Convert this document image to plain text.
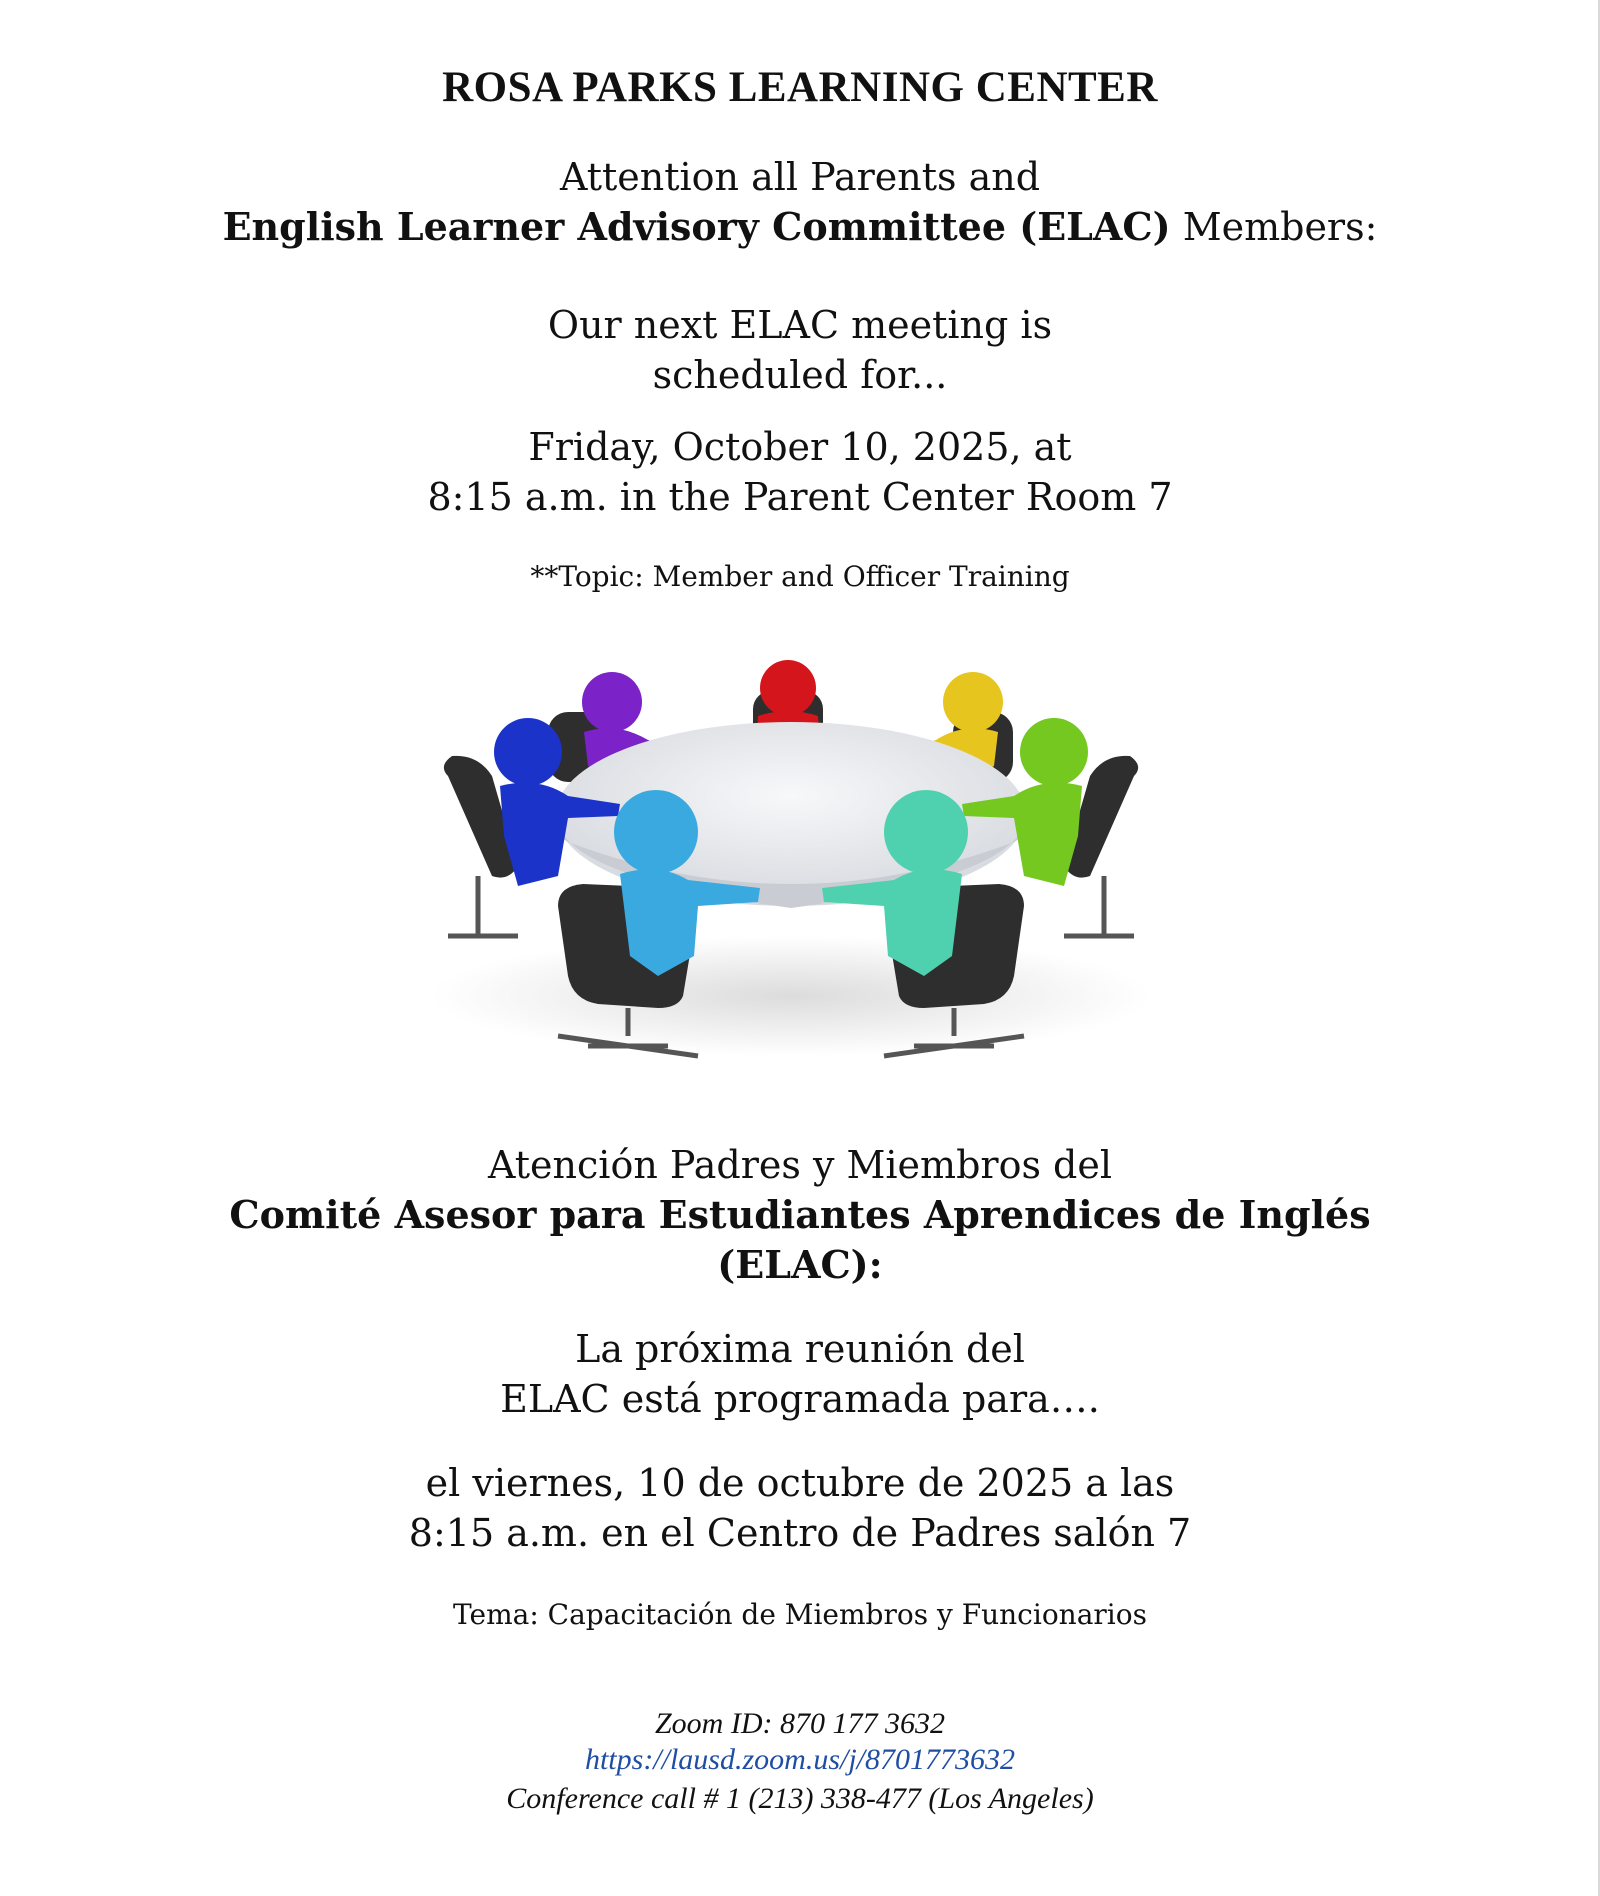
ROSA PARKS LEARNING CENTER
Attention all Parents and
English Learner Advisory Committee (ELAC) Members:
Our next ELAC meeting is
scheduled for...
Friday, October 10, 2025, at
8:15 a.m. in the Parent Center Room 7
**Topic: Member and Officer Training
Atención Padres y Miembros del
Comité Asesor para Estudiantes Aprendices de Inglés
(ELAC):
La próxima reunión del
ELAC está programada para….
el viernes, 10 de octubre de 2025 a las
8:15 a.m. en el Centro de Padres salón 7
Tema: Capacitación de Miembros y Funcionarios
Zoom ID: 870 177 3632
https://lausd.zoom.us/j/8701773632
Conference call # 1 (213) 338-477 (Los Angeles)
